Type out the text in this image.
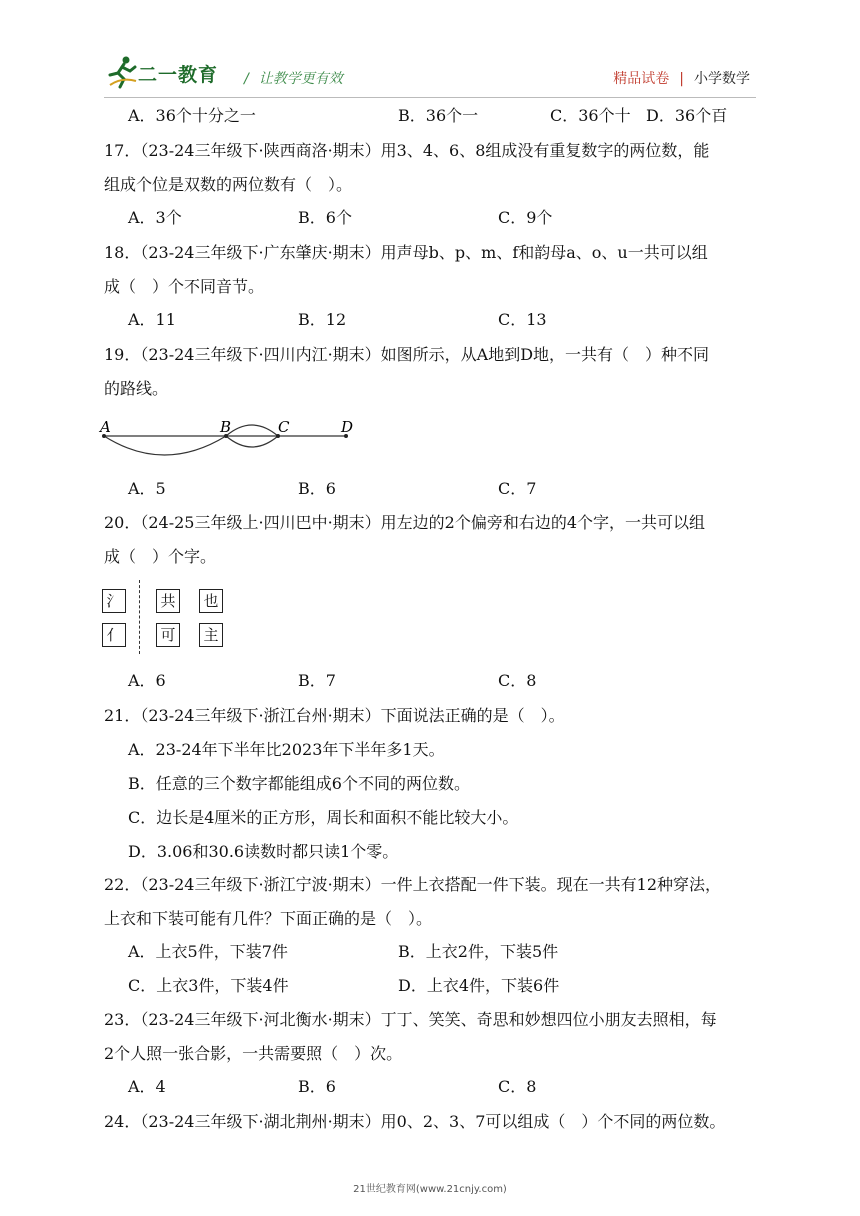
二一教育 / 让教学更有效	精品试卷 | 小学数学
A．36个十分之一	B．36个一	C．36个十 D．36个百
17．（23-24三年级下·陕西商洛·期末）用3、4、6、8组成没有重复数字的两位数，能
组成个位是双数的两位数有（　）。
A．3个	B．6个	C．9个
18．（23-24三年级下·广东肇庆·期末）用声母b、p、m、f和韵母a、o、u一共可以组
成（　）个不同音节。
A．11	B．12	C．13
19．（23-24三年级下·四川内江·期末）如图所示，从A地到D地，一共有（　）种不同
的路线。
A	B	C	D
A．5	B．6	C．7
20．（24-25三年级上·四川巴中·期末）用左边的2个偏旁和右边的4个字，一共可以组
成（　）个字。
氵
亻
共	也
可	主
A．6	B．7	C．8
21．（23-24三年级下·浙江台州·期末）下面说法正确的是（　）。
A．23-24年下半年比2023年下半年多1天。
B．任意的三个数字都能组成6个不同的两位数。
C．边长是4厘米的正方形，周长和面积不能比较大小。
D．3.06和30.6读数时都只读1个零。
22．（23-24三年级下·浙江宁波·期末）一件上衣搭配一件下装。现在一共有12种穿法，
上衣和下装可能有几件？下面正确的是（　）。
A．上衣5件，下装7件	B．上衣2件，下装5件
C．上衣3件，下装4件	D．上衣4件，下装6件
23．（23-24三年级下·河北衡水·期末）丁丁、笑笑、奇思和妙想四位小朋友去照相，每
2个人照一张合影，一共需要照（　）次。
A．4	B．6	C．8
24．（23-24三年级下·湖北荆州·期末）用0、2、3、7可以组成（　）个不同的两位数。
21世纪教育网(www.21cnjy.com)
